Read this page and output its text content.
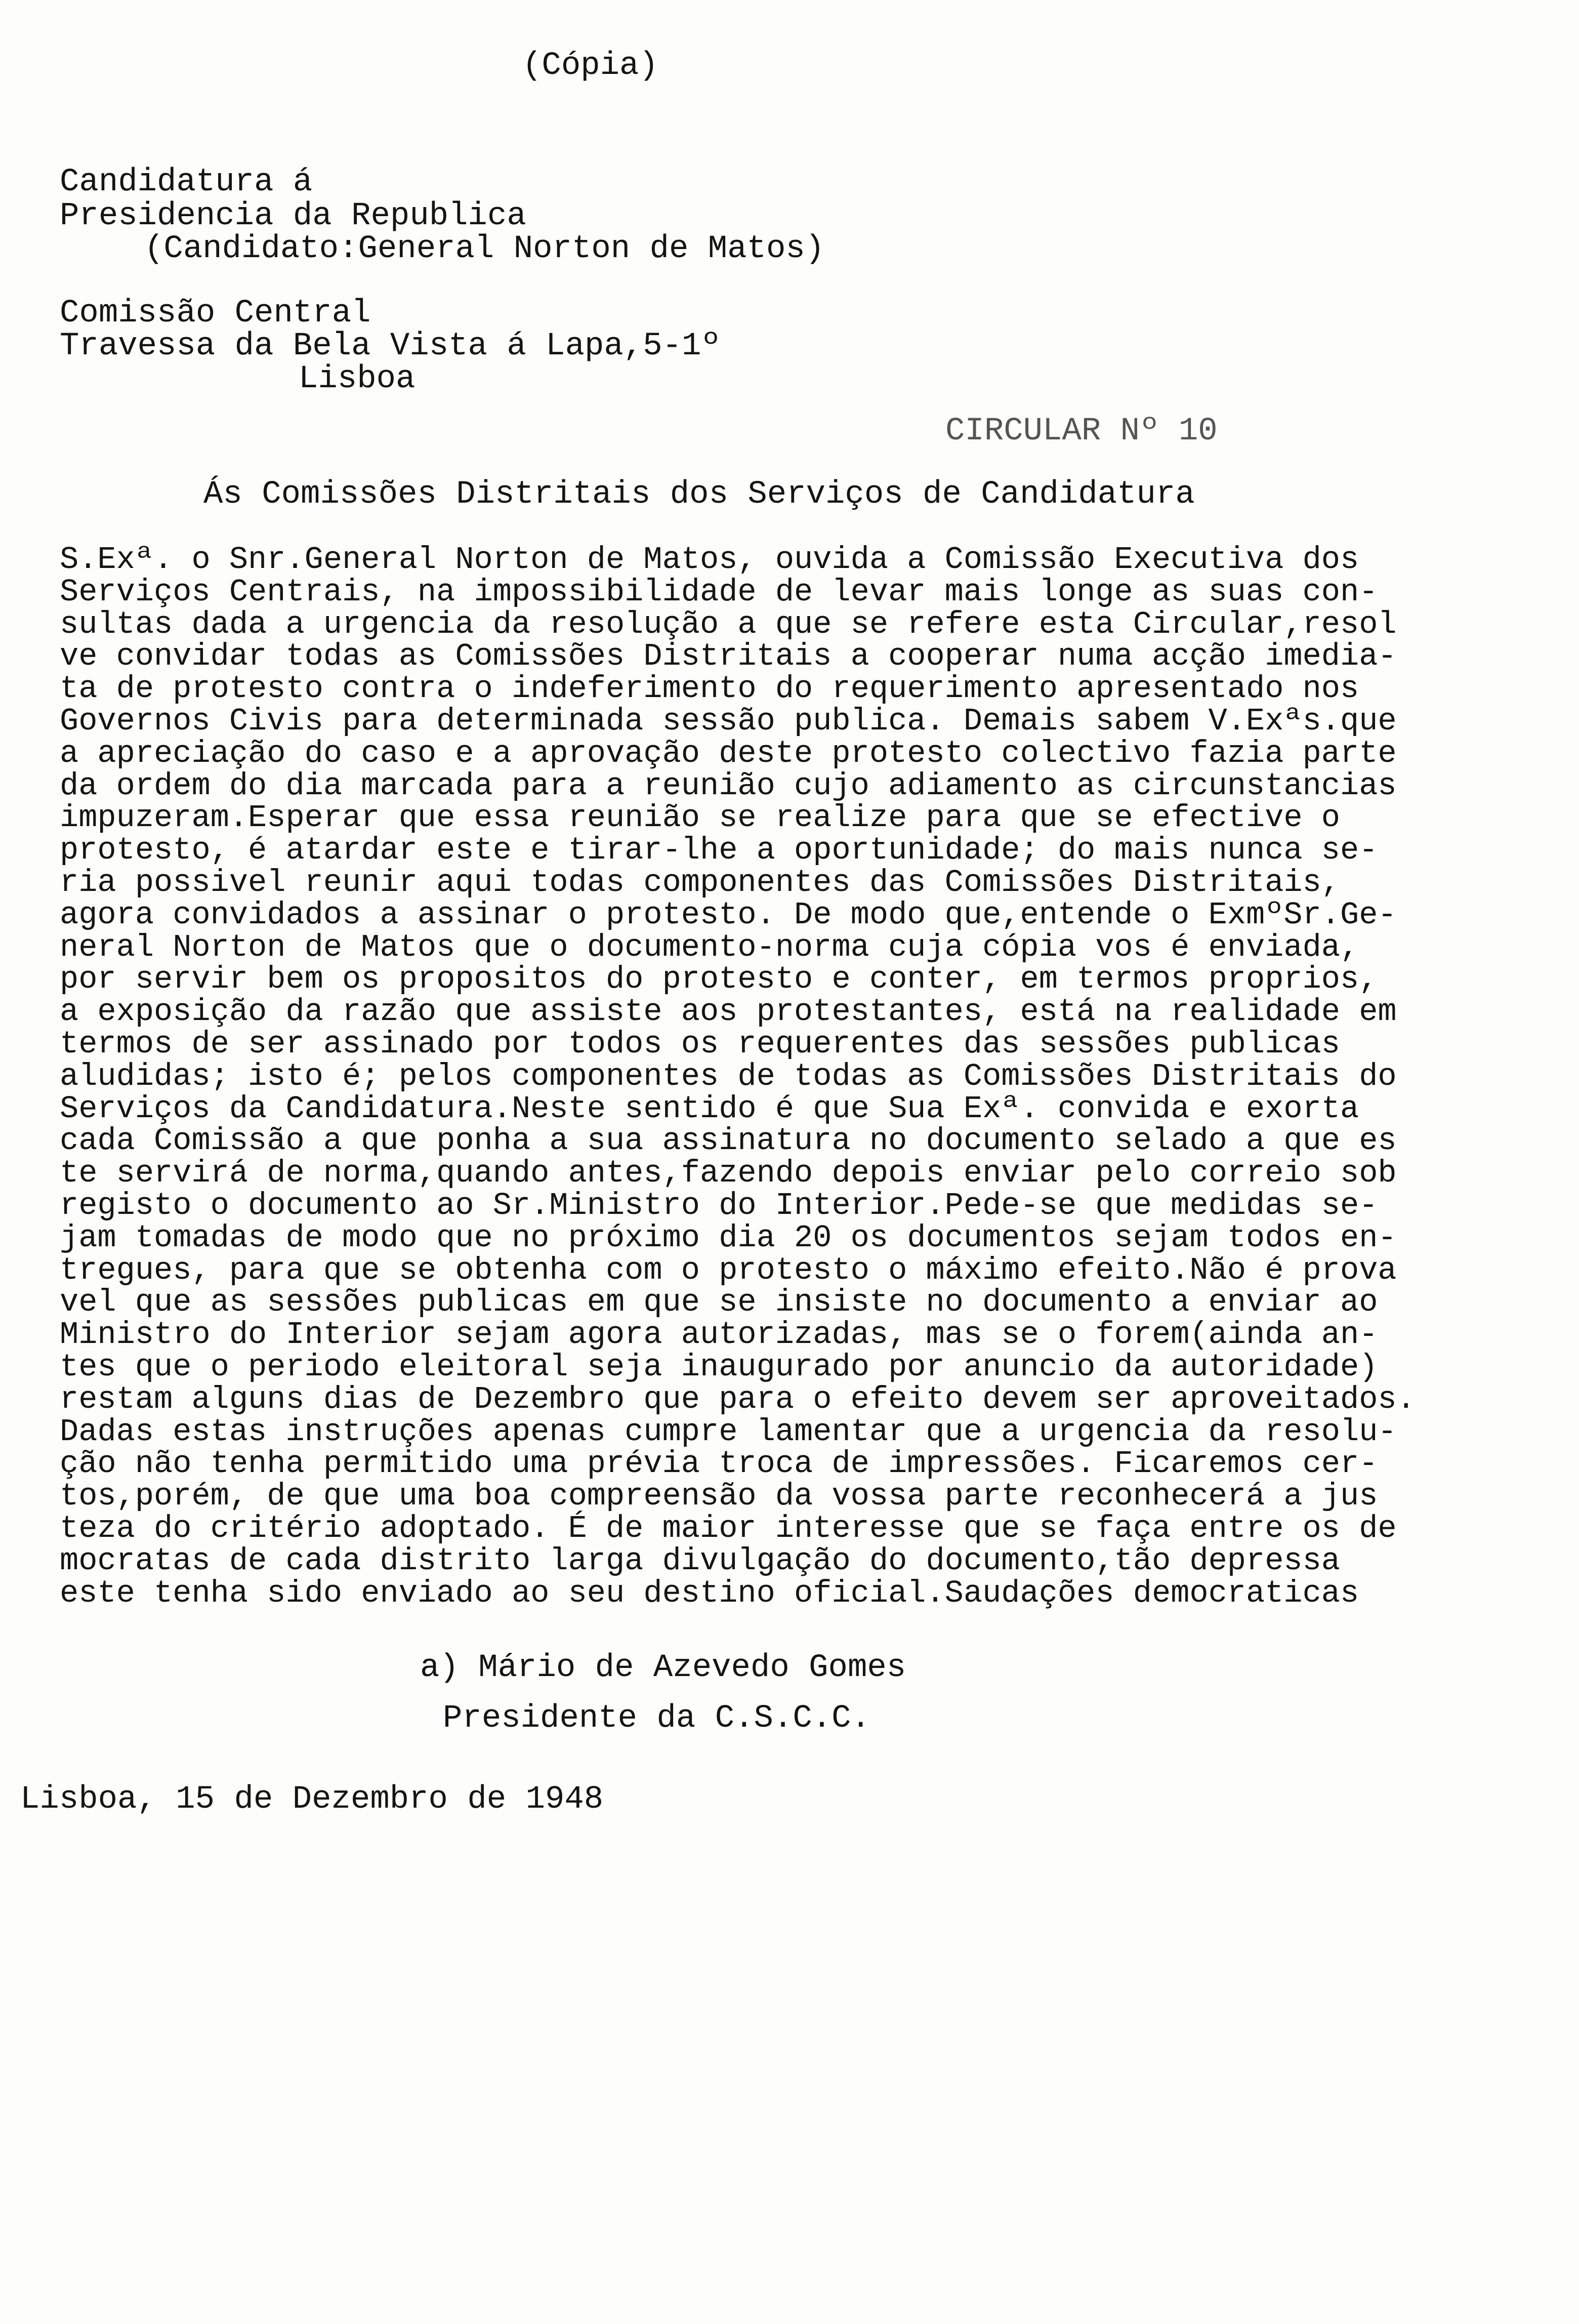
(Cópia)
Candidatura á
Presidencia da Republica
(Candidato:General Norton de Matos)
Comissão Central
Travessa da Bela Vista á Lapa,5-1º
Lisboa
CIRCULAR Nº 10
Ás Comissões Distritais dos Serviços de Candidatura
S.Exª. o Snr.General Norton de Matos, ouvida a Comissão Executiva dos
Serviços Centrais, na impossibilidade de levar mais longe as suas con-
sultas dada a urgencia da resolução a que se refere esta Circular,resol
ve convidar todas as Comissões Distritais a cooperar numa acção imedia-
ta de protesto contra o indeferimento do requerimento apresentado nos
Governos Civis para determinada sessão publica. Demais sabem V.Exªs.que
a apreciação do caso e a aprovação deste protesto colectivo fazia parte
da ordem do dia marcada para a reunião cujo adiamento as circunstancias
impuzeram.Esperar que essa reunião se realize para que se efective o
protesto, é atardar este e tirar-lhe a oportunidade; do mais nunca se-
ria possivel reunir aqui todas componentes das Comissões Distritais,
agora convidados a assinar o protesto. De modo que,entende o ExmºSr.Ge-
neral Norton de Matos que o documento-norma cuja cópia vos é enviada,
por servir bem os propositos do protesto e conter, em termos proprios,
a exposição da razão que assiste aos protestantes, está na realidade em
termos de ser assinado por todos os requerentes das sessões publicas
aludidas; isto é; pelos componentes de todas as Comissões Distritais do
Serviços da Candidatura.Neste sentido é que Sua Exª. convida e exorta
cada Comissão a que ponha a sua assinatura no documento selado a que es
te servirá de norma,quando antes,fazendo depois enviar pelo correio sob
registo o documento ao Sr.Ministro do Interior.Pede-se que medidas se-
jam tomadas de modo que no próximo dia 20 os documentos sejam todos en-
tregues, para que se obtenha com o protesto o máximo efeito.Não é prova
vel que as sessões publicas em que se insiste no documento a enviar ao
Ministro do Interior sejam agora autorizadas, mas se o forem(ainda an-
tes que o periodo eleitoral seja inaugurado por anuncio da autoridade)
restam alguns dias de Dezembro que para o efeito devem ser aproveitados.
Dadas estas instruções apenas cumpre lamentar que a urgencia da resolu-
ção não tenha permitido uma prévia troca de impressões. Ficaremos cer-
tos,porém, de que uma boa compreensão da vossa parte reconhecerá a jus
teza do critério adoptado. É de maior interesse que se faça entre os de
mocratas de cada distrito larga divulgação do documento,tão depressa
este tenha sido enviado ao seu destino oficial.Saudações democraticas
a) Mário de Azevedo Gomes
Presidente da C.S.C.C.
Lisboa, 15 de Dezembro de 1948
